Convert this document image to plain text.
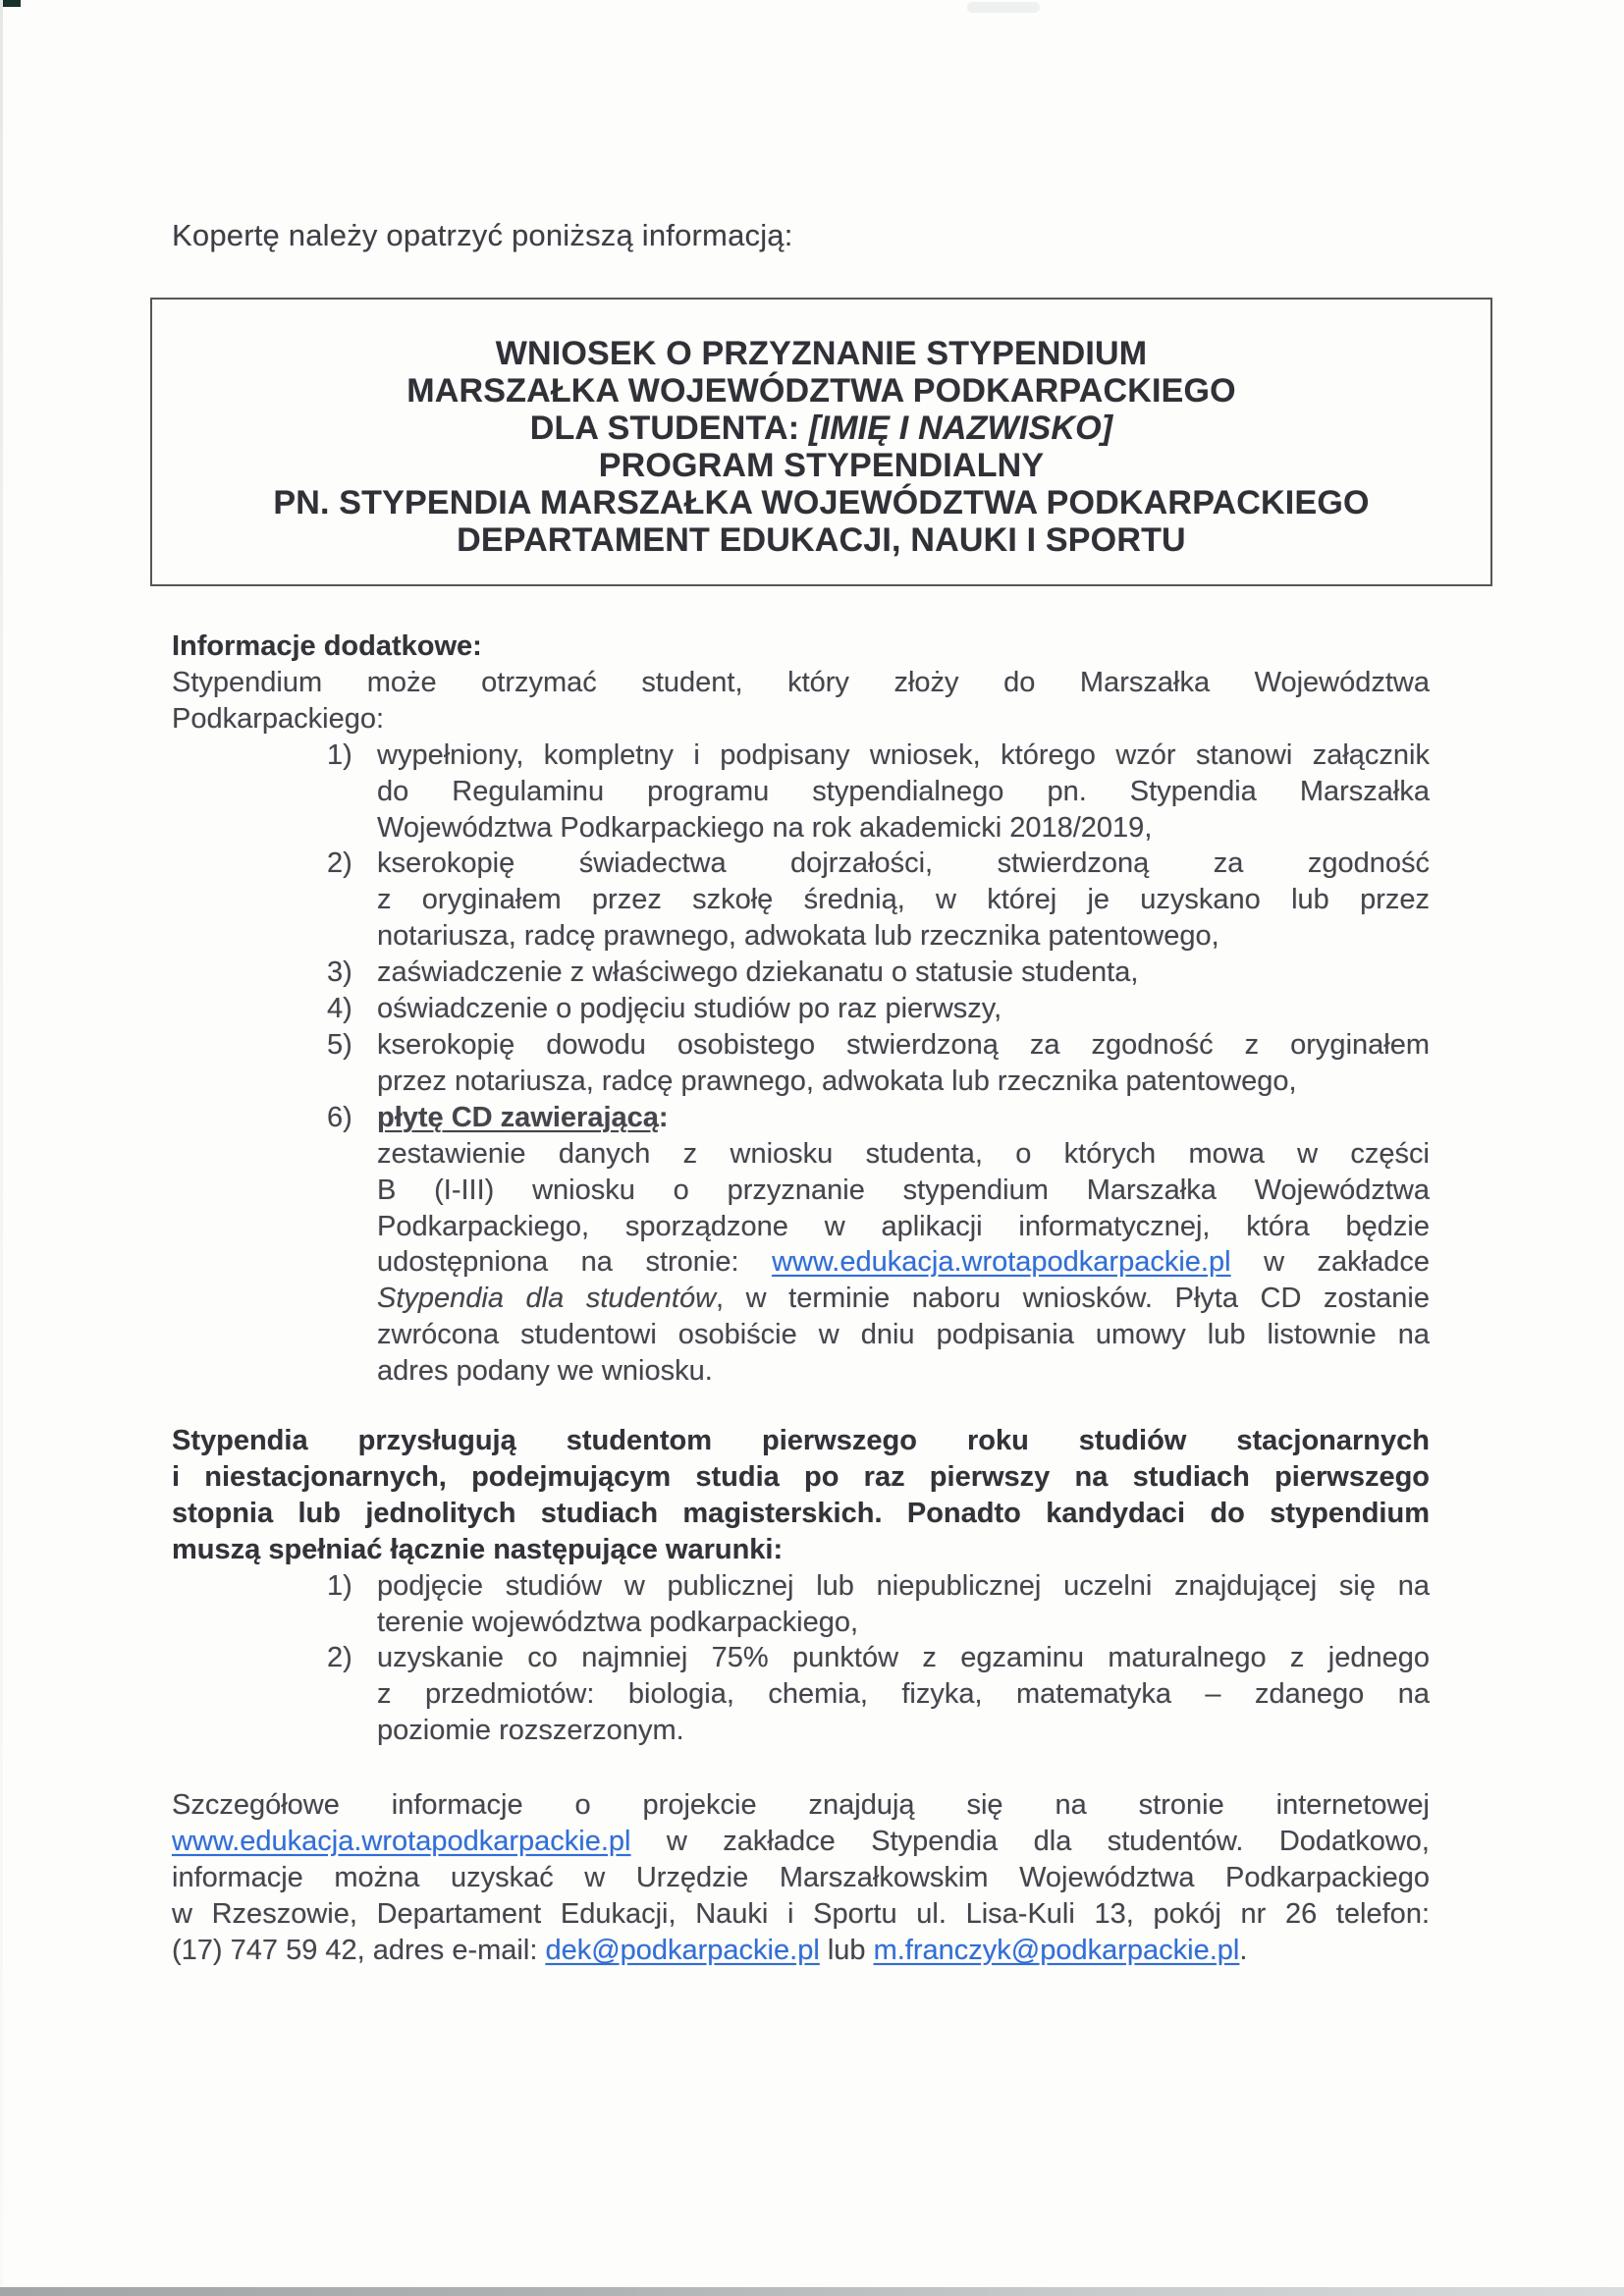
Kopertę należy opatrzyć poniższą informacją:

WNIOSEK O PRZYZNANIE STYPENDIUM
MARSZAŁKA WOJEWÓDZTWA PODKARPACKIEGO
DLA STUDENTA: [IMIĘ I NAZWISKO]
PROGRAM STYPENDIALNY
PN. STYPENDIA MARSZAŁKA WOJEWÓDZTWA PODKARPACKIEGO
DEPARTAMENT EDUKACJI, NAUKI I SPORTU

Informacje dodatkowe:

Stypendium może otrzymać student, który złoży do Marszałka Województwa

Podkarpackiego:

1) wypełniony, kompletny i podpisany wniosek, którego wzór stanowi załącznik

do Regulaminu programu stypendialnego pn. Stypendia Marszałka

Województwa Podkarpackiego na rok akademicki 2018/2019,

2) kserokopię świadectwa dojrzałości, stwierdzoną za zgodność

z oryginałem przez szkołę średnią, w której je uzyskano lub przez

notariusza, radcę prawnego, adwokata lub rzecznika patentowego,

3) zaświadczenie z właściwego dziekanatu o statusie studenta,

4) oświadczenie o podjęciu studiów po raz pierwszy,

5) kserokopię dowodu osobistego stwierdzoną za zgodność z oryginałem

przez notariusza, radcę prawnego, adwokata lub rzecznika patentowego,

6) płytę CD zawierającą:

zestawienie danych z wniosku studenta, o których mowa w części

B (I-III) wniosku o przyznanie stypendium Marszałka Województwa

Podkarpackiego, sporządzone w aplikacji informatycznej, która będzie

udostępniona na stronie: www.edukacja.wrotapodkarpackie.pl w zakładce

Stypendia dla studentów, w terminie naboru wniosków. Płyta CD zostanie

zwrócona studentowi osobiście w dniu podpisania umowy lub listownie na

adres podany we wniosku.

Stypendia przysługują studentom pierwszego roku studiów stacjonarnych

i niestacjonarnych, podejmującym studia po raz pierwszy na studiach pierwszego

stopnia lub jednolitych studiach magisterskich. Ponadto kandydaci do stypendium

muszą spełniać łącznie następujące warunki:

1) podjęcie studiów w publicznej lub niepublicznej uczelni znajdującej się na

terenie województwa podkarpackiego,

2) uzyskanie co najmniej 75% punktów z egzaminu maturalnego z jednego

z przedmiotów: biologia, chemia, fizyka, matematyka – zdanego na

poziomie rozszerzonym.

Szczegółowe informacje o projekcie znajdują się na stronie internetowej

www.edukacja.wrotapodkarpackie.pl w zakładce Stypendia dla studentów. Dodatkowo,

informacje można uzyskać w Urzędzie Marszałkowskim Województwa Podkarpackiego

w Rzeszowie, Departament Edukacji, Nauki i Sportu ul. Lisa-Kuli 13, pokój nr 26 telefon:

(17) 747 59 42, adres e-mail: dek@podkarpackie.pl lub m.franczyk@podkarpackie.pl.
